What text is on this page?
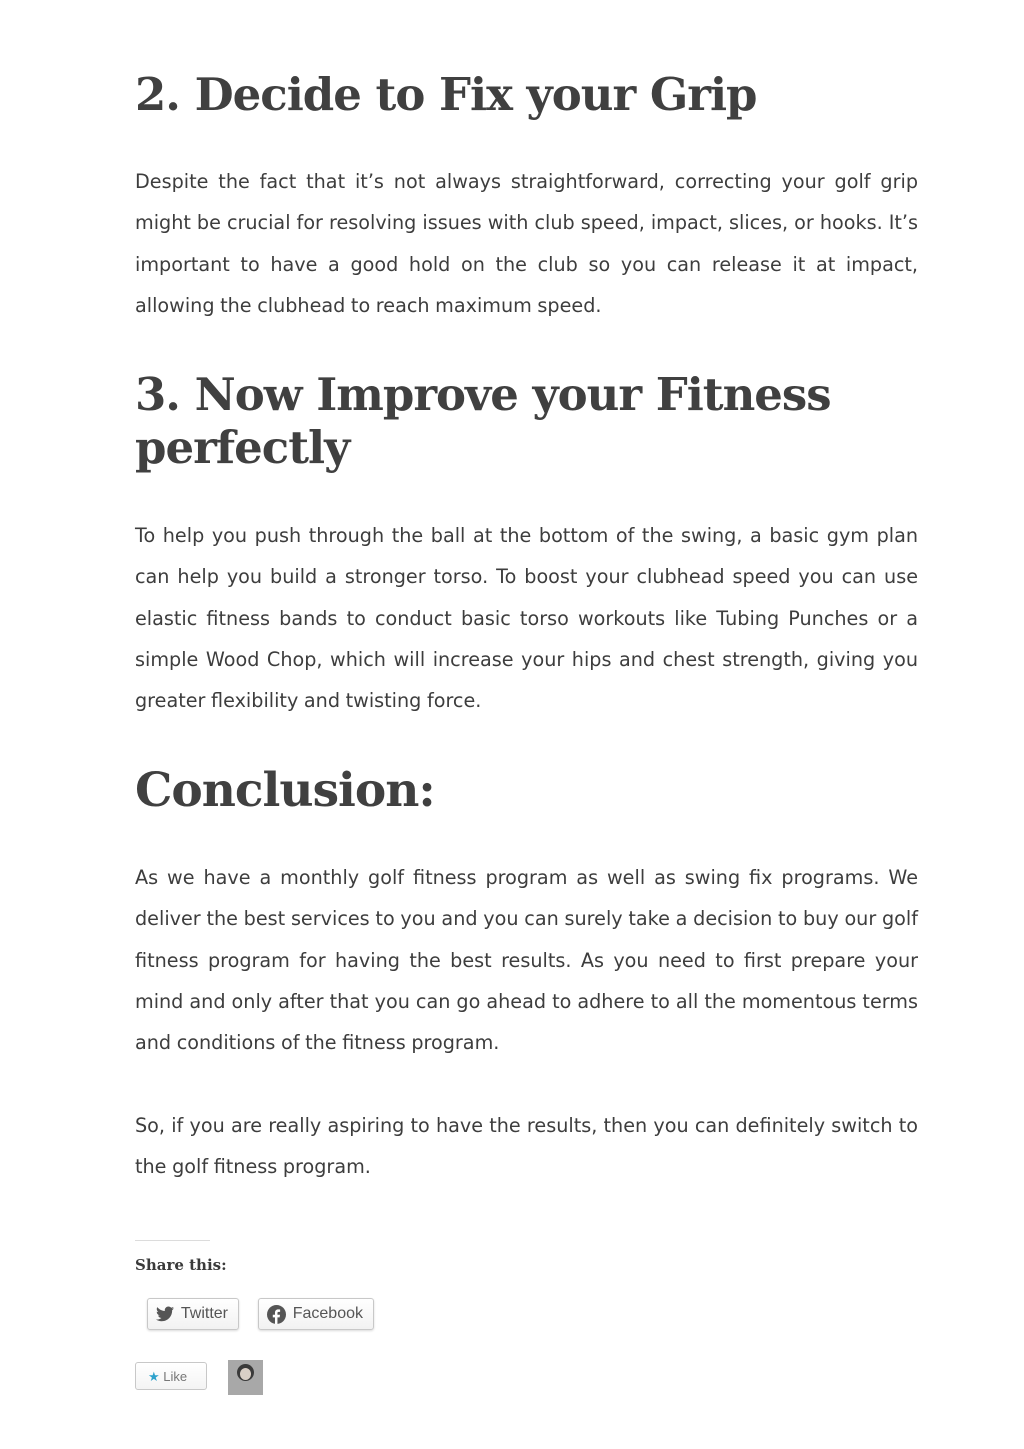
2. Decide to Fix your Grip

Despite the fact that it’s not always straightforward, correcting your golf grip might be crucial for resolving issues with club speed, impact, slices, or hooks. It’s important to have a good hold on the club so you can release it at impact, allowing the clubhead to reach maximum speed.

3. Now Improve your Fitness perfectly

To help you push through the ball at the bottom of the swing, a basic gym plan can help you build a stronger torso. To boost your clubhead speed you can use elastic fitness bands to conduct basic torso workouts like Tubing Punches or a simple Wood Chop, which will increase your hips and chest strength, giving you greater flexibility and twisting force.

Conclusion:

As we have a monthly golf fitness program as well as swing fix programs. We deliver the best services to you and you can surely take a decision to buy our golf fitness program for having the best results. As you need to first prepare your mind and only after that you can go ahead to adhere to all the momentous terms and conditions of the fitness program.

So, if you are really aspiring to have the results, then you can definitely switch to the golf fitness program.

Share this:
Twitter	Facebook
★ Like
